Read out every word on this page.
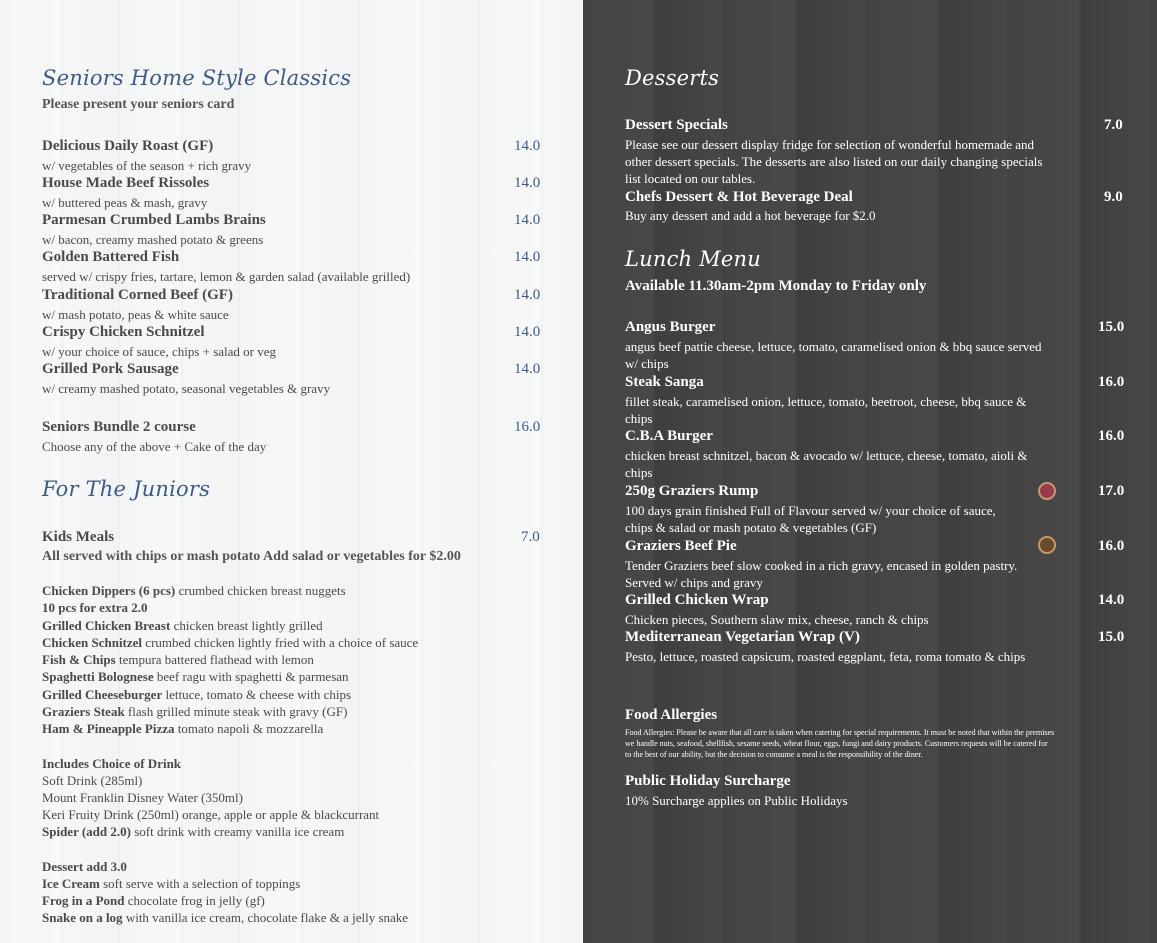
Seniors Home Style Classics
Please present your seniors card
Delicious Daily Roast (GF)
w/ vegetables of the season + rich gravy
14.0
House Made Beef Rissoles
w/ buttered peas & mash, gravy
14.0
Parmesan Crumbed Lambs Brains
w/ bacon, creamy mashed potato & greens
14.0
Golden Battered Fish
served w/ crispy fries, tartare, lemon & garden salad (available grilled)
14.0
Traditional Corned Beef (GF)
w/ mash potato, peas & white sauce
14.0
Crispy Chicken Schnitzel
w/ your choice of sauce, chips + salad or veg
14.0
Grilled Pork Sausage
w/ creamy mashed potato, seasonal vegetables & gravy
14.0
Seniors Bundle 2 course
Choose any of the above + Cake of the day
16.0
For The Juniors
Kids Meals	7.0
All served with chips or mash potato Add salad or vegetables for $2.00
Chicken Dippers (6 pcs) crumbed chicken breast nuggets
10 pcs for extra 2.0
Grilled Chicken Breast chicken breast lightly grilled
Chicken Schnitzel crumbed chicken lightly fried with a choice of sauce
Fish & Chips tempura battered flathead with lemon
Spaghetti Bolognese beef ragu with spaghetti & parmesan
Grilled Cheeseburger lettuce, tomato & cheese with chips
Graziers Steak flash grilled minute steak with gravy (GF)
Ham & Pineapple Pizza tomato napoli & mozzarella
Includes Choice of Drink
Soft Drink (285ml)
Mount Franklin Disney Water (350ml)
Keri Fruity Drink (250ml) orange, apple or apple & blackcurrant
Spider (add 2.0) soft drink with creamy vanilla ice cream
Dessert add 3.0
Ice Cream soft serve with a selection of toppings
Frog in a Pond chocolate frog in jelly (gf)
Snake on a log with vanilla ice cream, chocolate flake & a jelly snake
Desserts
Dessert Specials
Please see our dessert display fridge for selection of wonderful homemade and other dessert specials. The desserts are also listed on our daily changing specials list located on our tables.
7.0
Chefs Dessert & Hot Beverage Deal
Buy any dessert and add a hot beverage for $2.0
9.0
Lunch Menu
Available 11.30am-2pm Monday to Friday only
Angus Burger
angus beef pattie cheese, lettuce, tomato, caramelised onion & bbq sauce served w/ chips
15.0
Steak Sanga
fillet steak, caramelised onion, lettuce, tomato, beetroot, cheese, bbq sauce & chips
16.0
C.B.A Burger
chicken breast schnitzel, bacon & avocado w/ lettuce, cheese, tomato, aioli & chips
16.0
250g Graziers Rump
100 days grain finished Full of Flavour served w/ your choice of sauce, chips & salad or mash potato & vegetables (GF)
17.0
Graziers Beef Pie
Tender Graziers beef slow cooked in a rich gravy, encased in golden pastry. Served w/ chips and gravy
16.0
Grilled Chicken Wrap
Chicken pieces, Southern slaw mix, cheese, ranch & chips
14.0
Mediterranean Vegetarian Wrap (V)
Pesto, lettuce, roasted capsicum, roasted eggplant, feta, roma tomato & chips
15.0
Food Allergies
Food Allergies: Please be aware that all care is taken when catering for special requirements. It must be noted that within the premises we handle nuts, seafood, shellfish, sesame seeds, wheat flour, eggs, fungi and dairy products. Customers requests will be catered for to the best of our ability, but the decision to consume a meal is the responsibility of the diner.
Public Holiday Surcharge
10% Surcharge applies on Public Holidays
